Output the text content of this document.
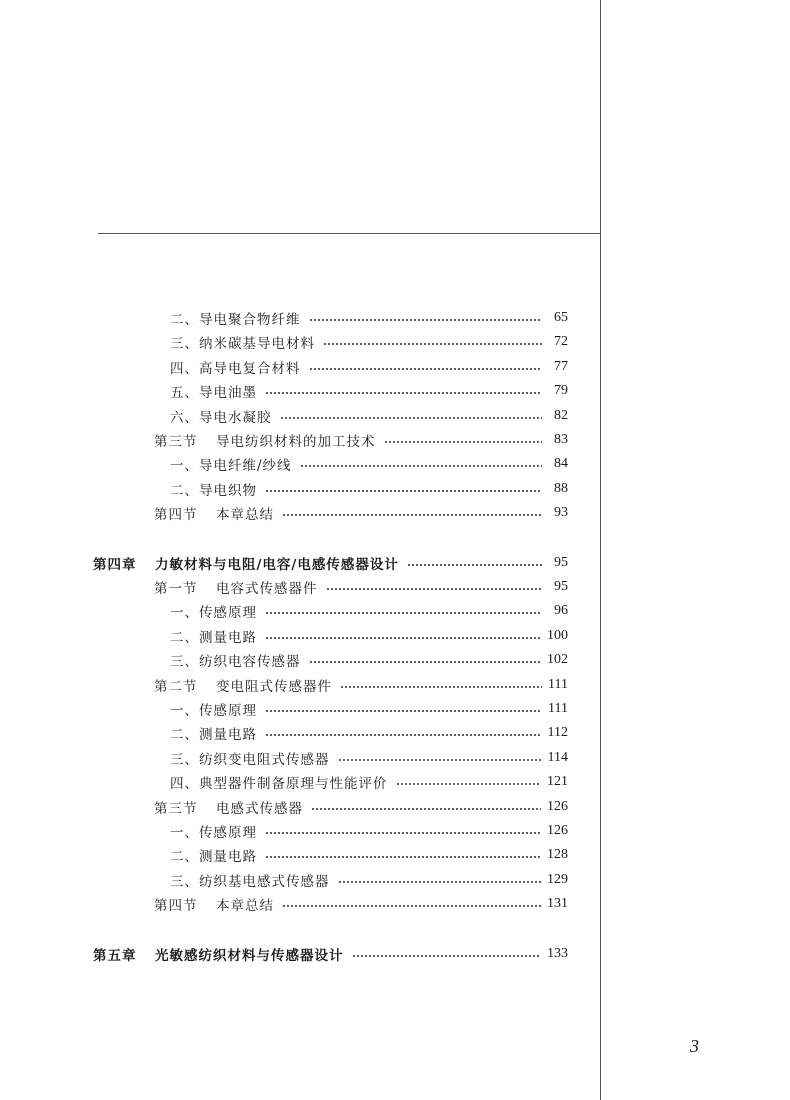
二、导电聚合物纤维	65
三、纳米碳基导电材料	72
四、高导电复合材料	77
五、导电油墨	79
六、导电水凝胶	82
第三节 导电纺织材料的加工技术	83
一、导电纤维/纱线	84
二、导电织物	88
第四节 本章总结	93
第四章 力敏材料与电阻/电容/电感传感器设计	95
第一节 电容式传感器件	95
一、传感原理	96
二、测量电路	100
三、纺织电容传感器	102
第二节 变电阻式传感器件	111
一、传感原理	111
二、测量电路	112
三、纺织变电阻式传感器	114
四、典型器件制备原理与性能评价	121
第三节 电感式传感器	126
一、传感原理	126
二、测量电路	128
三、纺织基电感式传感器	129
第四节 本章总结	131
第五章 光敏感纺织材料与传感器设计	133
3
